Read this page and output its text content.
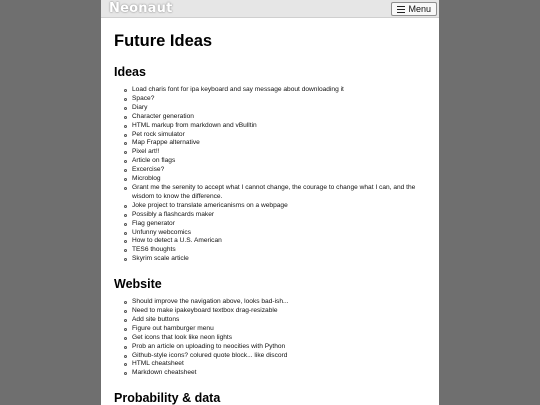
Neonaut	Menu
Future Ideas
Ideas
Load charis font for ipa keyboard and say message about downloading it
Space?
Diary
Character generation
HTML markup from markdown and vBulltin
Pet rock simulator
Map Frappe alternative
Pixel art!!
Article on flags
Excercise?
Microblog
Grant me the serenity to accept what I cannot change, the courage to change what I can, and the wisdom to know the difference.
Joke project to translate americanisms on a webpage
Possibly a flashcards maker
Flag generator
Unfunny webcomics
How to detect a U.S. American
TES6 thoughts
Skyrim scale article
Website
Should improve the navigation above, looks bad-ish...
Need to make ipakeyboard textbox drag-resizable
Add site buttons
Figure out hamburger menu
Get icons that look like neon lights
Prob an article on uploading to neocities with Python
Github-style icons? colured quote block... like discord
HTML cheatsheet
Markdown cheatsheet
Probability & data
